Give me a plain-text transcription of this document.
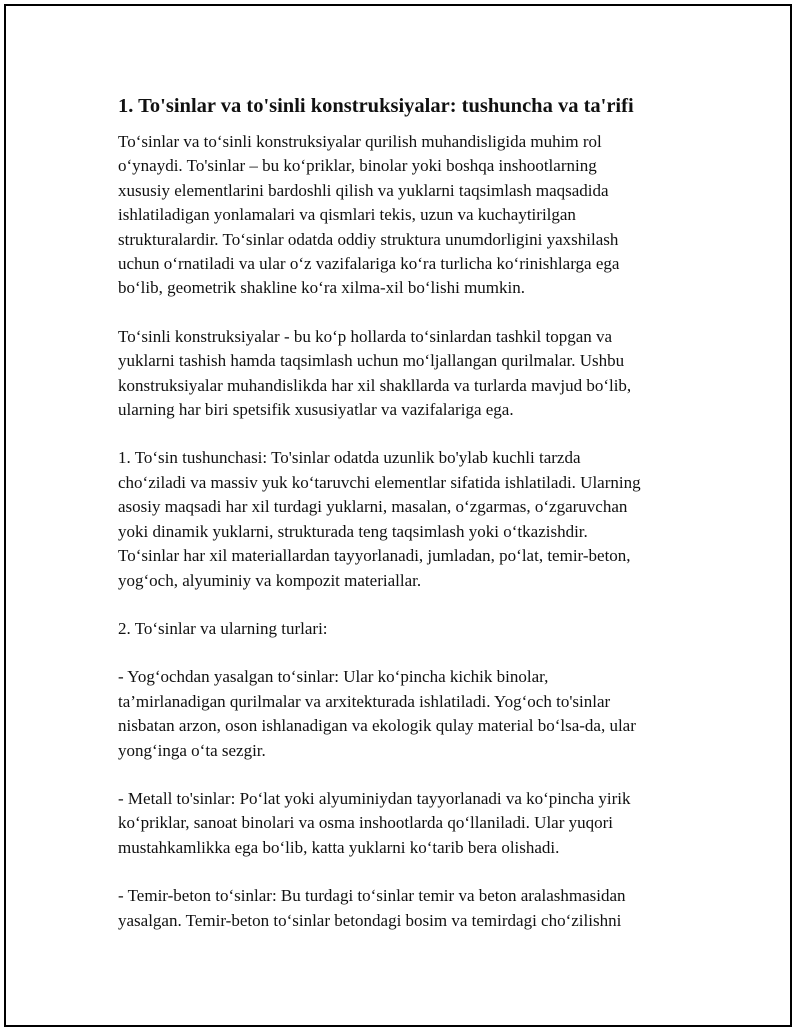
1. To'sinlar va to'sinli konstruksiyalar: tushuncha va ta'rifi
To‘sinlar va to‘sinli konstruksiyalar qurilish muhandisligida muhim rol
o‘ynaydi. To'sinlar – bu ko‘priklar, binolar yoki boshqa inshootlarning
xususiy elementlarini bardoshli qilish va yuklarni taqsimlash maqsadida
ishlatiladigan yonlamalari va qismlari tekis, uzun va kuchaytirilgan
strukturalardir. To‘sinlar odatda oddiy struktura unumdorligini yaxshilash
uchun o‘rnatiladi va ular o‘z vazifalariga ko‘ra turlicha ko‘rinishlarga ega
bo‘lib, geometrik shakline ko‘ra xilma-xil bo‘lishi mumkin.
To‘sinli konstruksiyalar - bu ko‘p hollarda to‘sinlardan tashkil topgan va
yuklarni tashish hamda taqsimlash uchun mo‘ljallangan qurilmalar. Ushbu
konstruksiyalar muhandislikda har xil shakllarda va turlarda mavjud bo‘lib,
ularning har biri spetsifik xususiyatlar va vazifalariga ega.
1. To‘sin tushunchasi: To'sinlar odatda uzunlik bo'ylab kuchli tarzda
cho‘ziladi va massiv yuk ko‘taruvchi elementlar sifatida ishlatiladi. Ularning
asosiy maqsadi har xil turdagi yuklarni, masalan, o‘zgarmas, o‘zgaruvchan
yoki dinamik yuklarni, strukturada teng taqsimlash yoki o‘tkazishdir.
To‘sinlar har xil materiallardan tayyorlanadi, jumladan, po‘lat, temir-beton,
yog‘och, alyuminiy va kompozit materiallar.
2. To‘sinlar va ularning turlari:
- Yog‘ochdan yasalgan to‘sinlar: Ular ko‘pincha kichik binolar,
ta’mirlanadigan qurilmalar va arxitekturada ishlatiladi. Yog‘och to'sinlar
nisbatan arzon, oson ishlanadigan va ekologik qulay material bo‘lsa-da, ular
yong‘inga o‘ta sezgir.
- Metall to'sinlar: Po‘lat yoki alyuminiydan tayyorlanadi va ko‘pincha yirik
ko‘priklar, sanoat binolari va osma inshootlarda qo‘llaniladi. Ular yuqori
mustahkamlikka ega bo‘lib, katta yuklarni ko‘tarib bera olishadi.
- Temir-beton to‘sinlar: Bu turdagi to‘sinlar temir va beton aralashmasidan
yasalgan. Temir-beton to‘sinlar betondagi bosim va temirdagi cho‘zilishni
